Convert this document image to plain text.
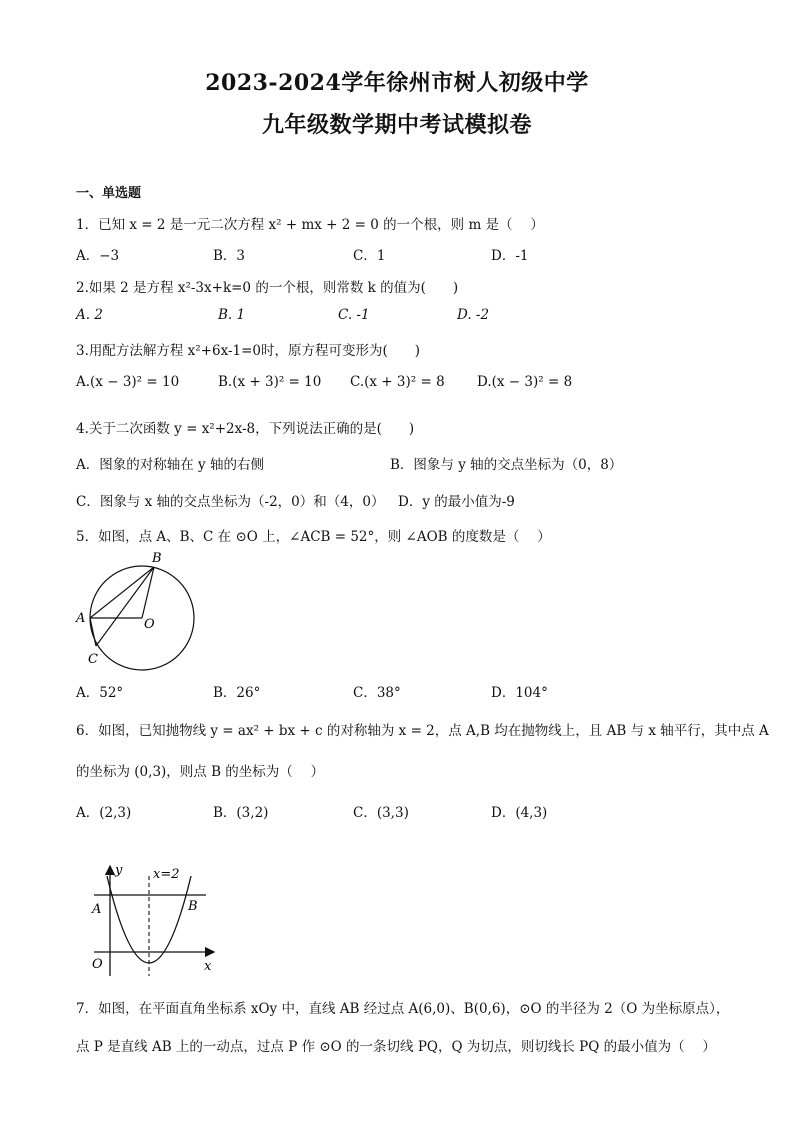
2023-2024学年徐州市树人初级中学
九年级数学期中考试模拟卷
一、单选题
1．已知 x = 2 是一元二次方程 x² + mx + 2 = 0 的一个根，则 m 是（　 ）
A．−3	B．3	C．1	D．-1
2.如果 2 是方程 x²-3x+k=0 的一个根，则常数 k 的值为(　　)
A. 2	B. 1	C. -1	D. -2
3.用配方法解方程 x²+6x-1=0时，原方程可变形为(　　)
A.(x − 3)² = 10	B.(x + 3)² = 10 C.(x + 3)² = 8 D.(x − 3)² = 8
4.关于二次函数 y = x²+2x-8，下列说法正确的是(　　)
A．图象的对称轴在 y 轴的右侧	B．图象与 y 轴的交点坐标为（0，8）
C．图象与 x 轴的交点坐标为（-2，0）和（4，0） D．y 的最小值为-9
5．如图，点 A、B、C 在 ⊙O 上，∠ACB = 52°，则 ∠AOB 的度数是（　 ）
B
A	O
C
A．52°	B．26°	C．38°	D．104°
6．如图，已知抛物线 y = ax² + bx + c 的对称轴为 x = 2，点 A,B 均在抛物线上，且 AB 与 x 轴平行，其中点 A
的坐标为 (0,3)，则点 B 的坐标为（　 ）
A．(2,3)	B．(3,2)	C．(3,3)	D．(4,3)
y x=2
A	B
O	x
7．如图，在平面直角坐标系 xOy 中，直线 AB 经过点 A(6,0)、B(0,6)，⊙O 的半径为 2（O 为坐标原点），
点 P 是直线 AB 上的一动点，过点 P 作 ⊙O 的一条切线 PQ，Q 为切点，则切线长 PQ 的最小值为（　 ）
